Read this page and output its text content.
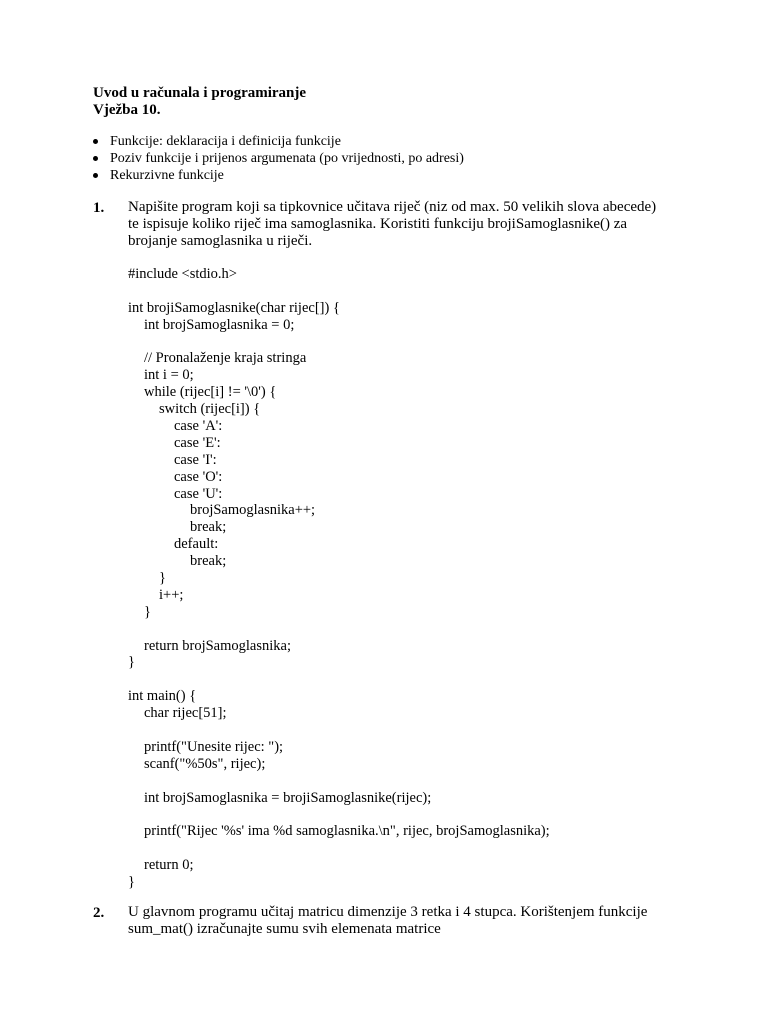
Uvod u računala i programiranje
Vježba 10.
Funkcije: deklaracija i definicija funkcije
Poziv funkcije i prijenos argumenata (po vrijednosti, po adresi)
Rekurzivne funkcije
1. Napišite program koji sa tipkovnice učitava riječ (niz od max. 50 velikih slova abecede)
te ispisuje koliko riječ ima samoglasnika. Koristiti funkciju brojiSamoglasnike() za
brojanje samoglasnika u riječi.
#include <stdio.h>
int brojiSamoglasnike(char rijec[]) {
int brojSamoglasnika = 0;
// Pronalaženje kraja stringa
int i = 0;
while (rijec[i] != '\0') {
switch (rijec[i]) {
case 'A':
case 'E':
case 'I':
case 'O':
case 'U':
brojSamoglasnika++;
break;
default:
break;
}
i++;
}
return brojSamoglasnika;
}
int main() {
char rijec[51];
printf("Unesite rijec: ");
scanf("%50s", rijec);
int brojSamoglasnika = brojiSamoglasnike(rijec);
printf("Rijec '%s' ima %d samoglasnika.\n", rijec, brojSamoglasnika);
return 0;
}
2. U glavnom programu učitaj matricu dimenzije 3 retka i 4 stupca. Korištenjem funkcije
sum_mat() izračunajte sumu svih elemenata matrice
